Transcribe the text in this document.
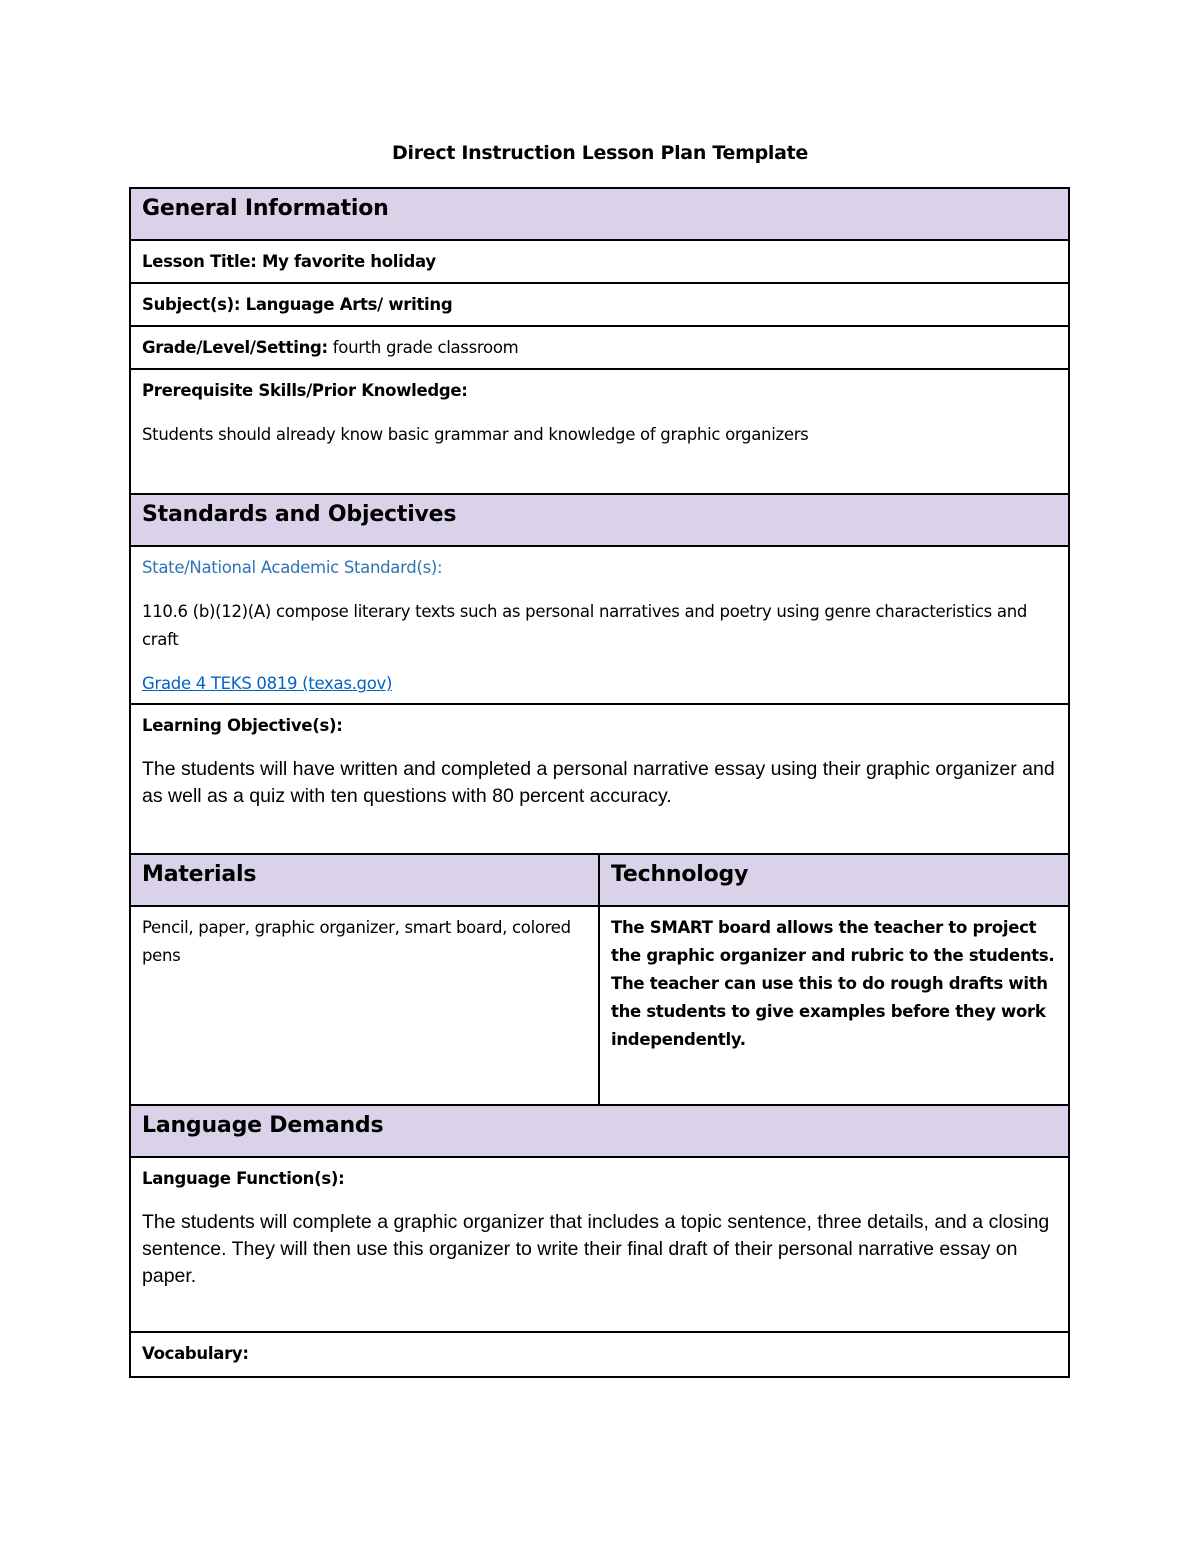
Direct Instruction Lesson Plan Template
General Information
Lesson Title: My favorite holiday
Subject(s): Language Arts/ writing
Grade/Level/Setting: fourth grade classroom

Prerequisite Skills/Prior Knowledge:

Students should already know basic grammar and knowledge of graphic organizers

Standards and Objectives

State/National Academic Standard(s):

110.6 (b)(12)(A) compose literary texts such as personal narratives and poetry using genre characteristics and craft

Grade 4 TEKS 0819 (texas.gov)

Learning Objective(s):

The students will have written and completed a personal narrative essay using their graphic organizer and as well as a quiz with ten questions with 80 percent accuracy.

Materials	Technology
Pencil, paper, graphic organizer, smart board, colored pens
The SMART board allows the teacher to project the graphic organizer and rubric to the students. The teacher can use this to do rough drafts with the students to give examples before they work independently.
Language Demands

Language Function(s):

The students will complete a graphic organizer that includes a topic sentence, three details, and a closing sentence. They will then use this organizer to write their final draft of their personal narrative essay on paper.

Vocabulary:
